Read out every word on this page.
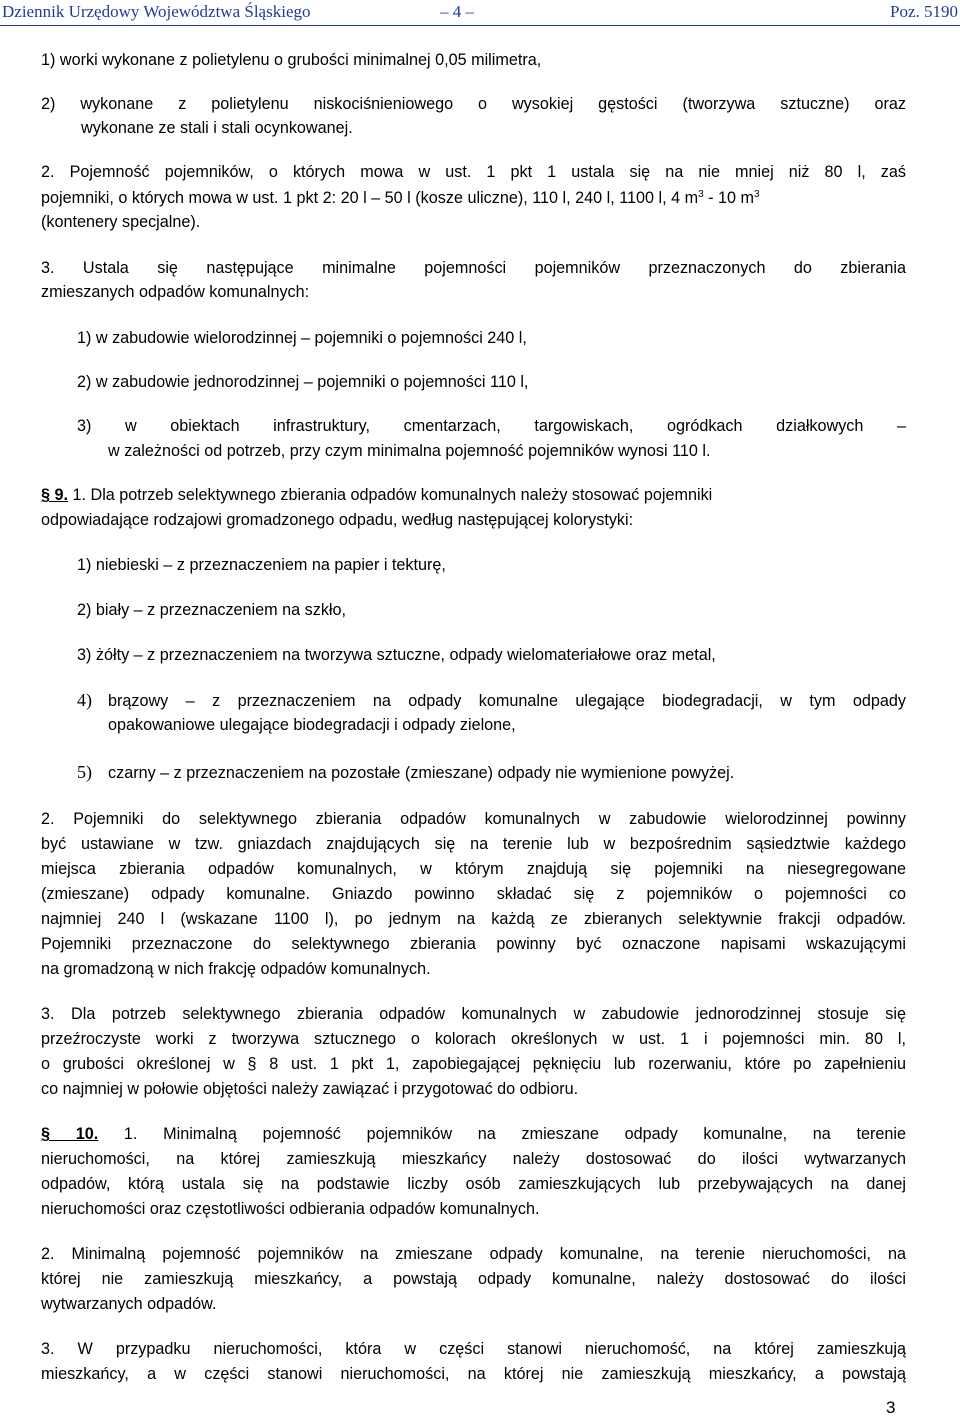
Dziennik Urzędowy Województwa Śląskiego	– 4 –	Poz. 5190

1) worki wykonane z polietylenu o grubości minimalnej 0,05 milimetra,

2) wykonane z polietylenu niskociśnieniowego o wysokiej gęstości (tworzywa sztuczne) oraz

wykonane ze stali i stali ocynkowanej.

2. Pojemność pojemników, o których mowa w ust. 1 pkt 1 ustala się na nie mniej niż 80 l, zaś

pojemniki, o których mowa w ust. 1 pkt 2: 20 l – 50 l (kosze uliczne), 110 l, 240 l, 1100 l, 4 $m^3 - 10$ $m^3$

(kontenery specjalne).

3. Ustala się następujące minimalne pojemności pojemników przeznaczonych do zbierania

zmieszanych odpadów komunalnych:

1) w zabudowie wielorodzinnej – pojemniki o pojemności 240 l,

2) w zabudowie jednorodzinnej – pojemniki o pojemności 110 l,

3) w obiektach infrastruktury, cmentarzach, targowiskach, ogródkach działkowych –

w zależności od potrzeb, przy czym minimalna pojemność pojemników wynosi 110 l.

§ 9. 1. Dla potrzeb selektywnego zbierania odpadów komunalnych należy stosować pojemniki

odpowiadające rodzajowi gromadzonego odpadu, według następującej kolorystyki:

1) niebieski – z przeznaczeniem na papier i tekturę,

2) biały – z przeznaczeniem na szkło,

3) żółty – z przeznaczeniem na tworzywa sztuczne, odpady wielomateriałowe oraz metal,

4) brązowy – z przeznaczeniem na odpady komunalne ulegające biodegradacji, w tym odpady

opakowaniowe ulegające biodegradacji i odpady zielone,

5) czarny – z przeznaczeniem na pozostałe (zmieszane) odpady nie wymienione powyżej.

2. Pojemniki do selektywnego zbierania odpadów komunalnych w zabudowie wielorodzinnej powinny

być ustawiane w tzw. gniazdach znajdujących się na terenie lub w bezpośrednim sąsiedztwie każdego

miejsca zbierania odpadów komunalnych, w którym znajdują się pojemniki na niesegregowane

(zmieszane) odpady komunalne. Gniazdo powinno składać się z pojemników o pojemności co

najmniej 240 l (wskazane 1100 l), po jednym na każdą ze zbieranych selektywnie frakcji odpadów.

Pojemniki przeznaczone do selektywnego zbierania powinny być oznaczone napisami wskazującymi

na gromadzoną w nich frakcję odpadów komunalnych.

3. Dla potrzeb selektywnego zbierania odpadów komunalnych w zabudowie jednorodzinnej stosuje się

przeźroczyste worki z tworzywa sztucznego o kolorach określonych w ust. 1 i pojemności min. 80 l,

o grubości określonej w § 8 ust. 1 pkt 1, zapobiegającej pęknięciu lub rozerwaniu, które po zapełnieniu

co najmniej w połowie objętości należy zawiązać i przygotować do odbioru.

§ 10. 1. Minimalną pojemność pojemników na zmieszane odpady komunalne, na terenie

nieruchomości, na której zamieszkują mieszkańcy należy dostosować do ilości wytwarzanych

odpadów, którą ustala się na podstawie liczby osób zamieszkujących lub przebywających na danej

nieruchomości oraz częstotliwości odbierania odpadów komunalnych.

2. Minimalną pojemność pojemników na zmieszane odpady komunalne, na terenie nieruchomości, na

której nie zamieszkują mieszkańcy, a powstają odpady komunalne, należy dostosować do ilości

wytwarzanych odpadów.

3. W przypadku nieruchomości, która w części stanowi nieruchomość, na której zamieszkują

mieszkańcy, a w części stanowi nieruchomości, na której nie zamieszkują mieszkańcy, a powstają

3
